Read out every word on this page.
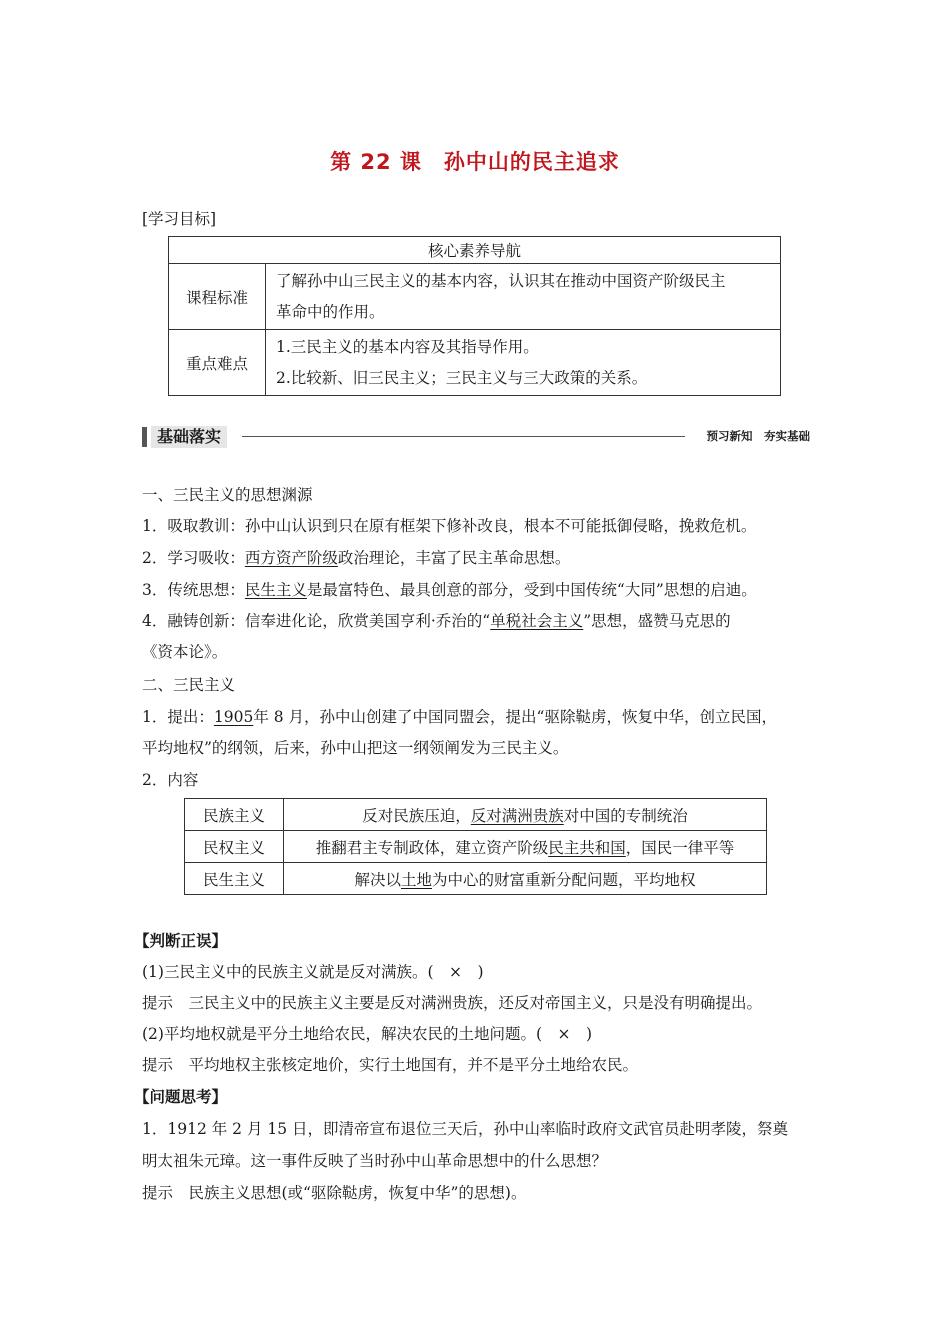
第 22 课　孙中山的民主追求
[学习目标]
核心素养导航	
课程标准	了解孙中山三民主义的基本内容，认识其在推动中国资产阶级民主
革命中的作用。

重点难点	1.三民主义的基本内容及其指导作用。
2.比较新、旧三民主义；三民主义与三大政策的关系。
基础落实	预习新知　夯实基础
一、三民主义的思想渊源
1．吸取教训：孙中山认识到只在原有框架下修补改良，根本不可能抵御侵略，挽救危机。
2．学习吸收：西方资产阶级政治理论，丰富了民主革命思想。
3．传统思想：民生主义是最富特色、最具创意的部分，受到中国传统“大同”思想的启迪。
4．融铸创新：信奉进化论，欣赏美国亨利·乔治的“单税社会主义”思想，盛赞马克思的
《资本论》。
二、三民主义
1．提出：1905年 8 月，孙中山创建了中国同盟会，提出“驱除鞑虏，恢复中华，创立民国，
平均地权”的纲领，后来，孙中山把这一纲领阐发为三民主义。
2．内容
民族主义	反对民族压迫，反对满洲贵族对中国的专制统治
民权主义	推翻君主专制政体，建立资产阶级民主共和国，国民一律平等
民生主义	解决以土地为中心的财富重新分配问题，平均地权
【判断正误】
(1)三民主义中的民族主义就是反对满族。(　×　)
提示　三民主义中的民族主义主要是反对满洲贵族，还反对帝国主义，只是没有明确提出。
(2)平均地权就是平分土地给农民，解决农民的土地问题。(　×　)
提示　平均地权主张核定地价，实行土地国有，并不是平分土地给农民。
【问题思考】
1．1912 年 2 月 15 日，即清帝宣布退位三天后，孙中山率临时政府文武官员赴明孝陵，祭奠
明太祖朱元璋。这一事件反映了当时孙中山革命思想中的什么思想？
提示　民族主义思想(或“驱除鞑虏，恢复中华”的思想)。
